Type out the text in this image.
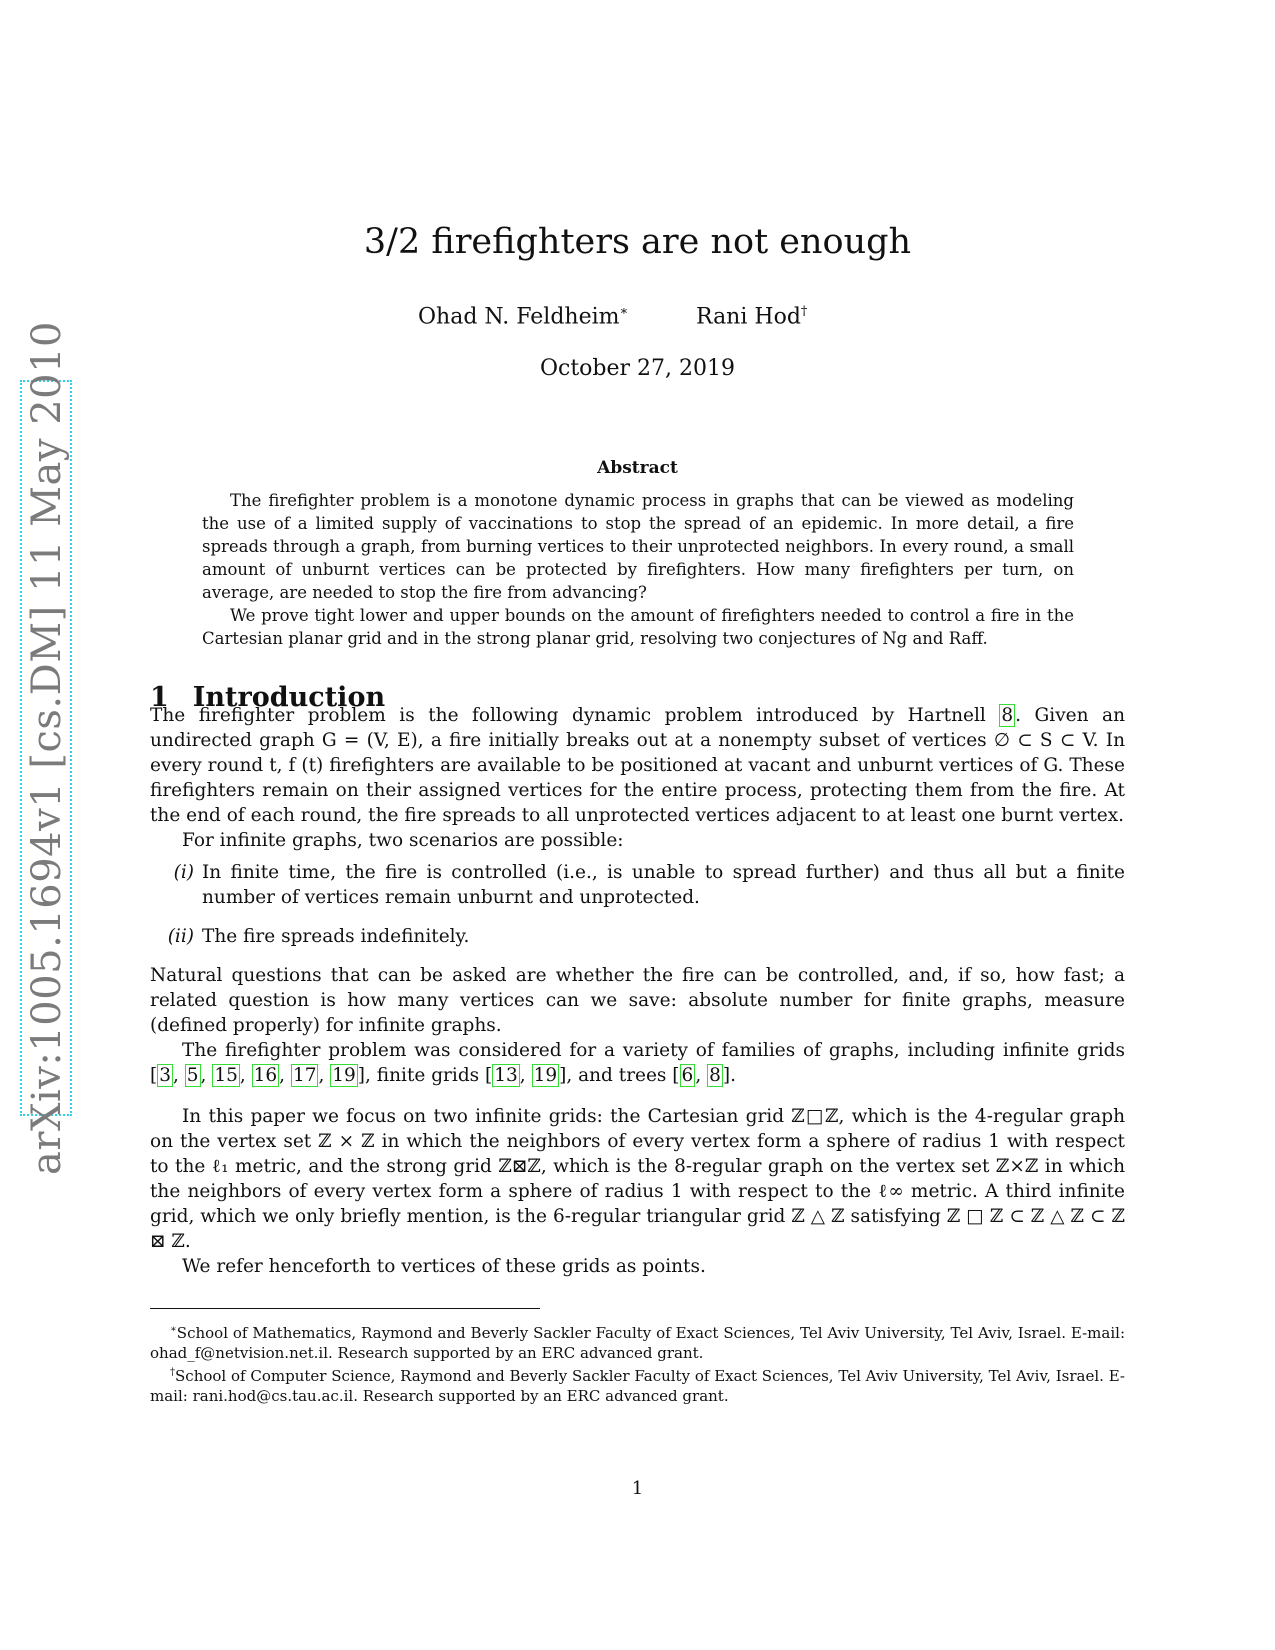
arXiv:1005.1694v1 [cs.DM] 11 May 2010
3/2 firefighters are not enough
Ohad N. Feldheim∗	Rani Hod†
October 27, 2019
Abstract

The firefighter problem is a monotone dynamic process in graphs that can be viewed as modeling the use of a limited supply of vaccinations to stop the spread of an epidemic. In more detail, a fire spreads through a graph, from burning vertices to their unprotected neighbors. In every round, a small amount of unburnt vertices can be protected by firefighters. How many firefighters per turn, on average, are needed to stop the fire from advancing?

We prove tight lower and upper bounds on the amount of firefighters needed to control a fire in the Cartesian planar grid and in the strong planar grid, resolving two conjectures of Ng and Raff.

1 Introduction

The firefighter problem is the following dynamic problem introduced by Hartnell 8 . Given an undirected graph G = (V, E), a fire initially breaks out at a nonempty subset of vertices ∅ ⊂ S ⊂ V. In every round t, f (t) firefighters are available to be positioned at vacant and unburnt vertices of G. These firefighters remain on their assigned vertices for the entire process, protecting them from the fire. At the end of each round, the fire spreads to all unprotected vertices adjacent to at least one burnt vertex.

For infinite graphs, two scenarios are possible:

(i) In finite time, the fire is controlled (i.e., is unable to spread further) and thus all but a finite number of vertices remain unburnt and unprotected.
(ii) The fire spreads indefinitely.

Natural questions that can be asked are whether the fire can be controlled, and, if so, how fast; a related question is how many vertices can we save: absolute number for finite graphs, measure (defined properly) for infinite graphs.

The firefighter problem was considered for a variety of families of graphs, including infinite grids [ 3 , 5 , 15 , 16 , 17 , 19 ], finite grids [ 13 , 19 ], and trees [ 6 , 8 ].

In this paper we focus on two infinite grids: the Cartesian grid ℤ□ℤ, which is the 4-regular graph on the vertex set ℤ × ℤ in which the neighbors of every vertex form a sphere of radius 1 with respect to the ℓ₁ metric, and the strong grid ℤ⊠ℤ, which is the 8-regular graph on the vertex set ℤ×ℤ in which the neighbors of every vertex form a sphere of radius 1 with respect to the ℓ∞ metric. A third infinite grid, which we only briefly mention, is the 6-regular triangular grid ℤ △ ℤ satisfying ℤ □ ℤ ⊂ ℤ △ ℤ ⊂ ℤ ⊠ ℤ.

We refer henceforth to vertices of these grids as points.

∗School of Mathematics, Raymond and Beverly Sackler Faculty of Exact Sciences, Tel Aviv University, Tel Aviv, Israel. E-mail: ohad_f@netvision.net.il. Research supported by an ERC advanced grant.

†School of Computer Science, Raymond and Beverly Sackler Faculty of Exact Sciences, Tel Aviv University, Tel Aviv, Israel. E-mail: rani.hod@cs.tau.ac.il. Research supported by an ERC advanced grant.

1
